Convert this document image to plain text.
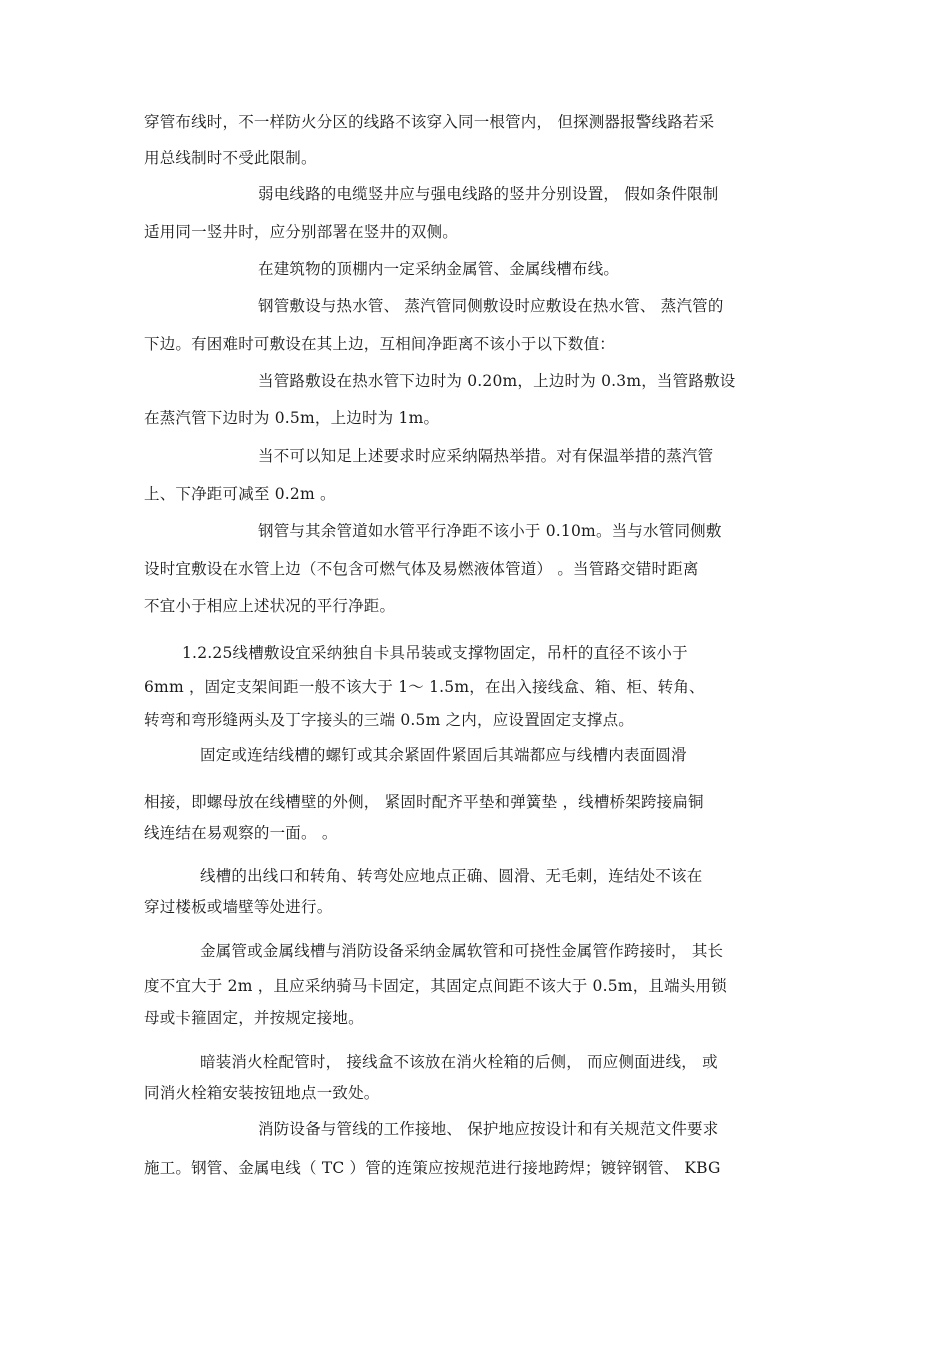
穿管布线时，不一样防火分区的线路不该穿入同一根管内， 但探测器报警线路若采
用总线制时不受此限制。
弱电线路的电缆竖井应与强电线路的竖井分别设置， 假如条件限制
适用同一竖井时，应分别部署在竖井的双侧。
在建筑物的顶棚内一定采纳金属管、金属线槽布线。
钢管敷设与热水管、 蒸汽管同侧敷设时应敷设在热水管、 蒸汽管的
下边。有困难时可敷设在其上边，互相间净距离不该小于以下数值：
当管路敷设在热水管下边时为 0.20m，上边时为 0.3m，当管路敷设
在蒸汽管下边时为 0.5m，上边时为 1m。
当不可以知足上述要求时应采纳隔热举措。对有保温举措的蒸汽管
上、下净距可减至 0.2m 。
钢管与其余管道如水管平行净距不该小于 0.10m。当与水管同侧敷
设时宜敷设在水管上边（不包含可燃气体及易燃液体管道） 。当管路交错时距离
不宜小于相应上述状况的平行净距。
1.2.25线槽敷设宜采纳独自卡具吊装或支撑物固定，吊杆的直径不该小于
6mm ，固定支架间距一般不该大于 1～ 1.5m，在出入接线盒、箱、柜、转角、
转弯和弯形缝两头及丁字接头的三端 0.5m 之内，应设置固定支撑点。
固定或连结线槽的螺钉或其余紧固件紧固后其端都应与线槽内表面圆滑
相接，即螺母放在线槽壁的外侧， 紧固时配齐平垫和弹簧垫 ，线槽桥架跨接扁铜
线连结在易观察的一面。 。
线槽的出线口和转角、转弯处应地点正确、圆滑、无毛刺，连结处不该在
穿过楼板或墙壁等处进行。
金属管或金属线槽与消防设备采纳金属软管和可挠性金属管作跨接时， 其长
度不宜大于 2m ，且应采纳骑马卡固定，其固定点间距不该大于 0.5m，且端头用锁
母或卡箍固定，并按规定接地。
暗装消火栓配管时， 接线盒不该放在消火栓箱的后侧， 而应侧面进线， 或
同消火栓箱安装按钮地点一致处。
消防设备与管线的工作接地、 保护地应按设计和有关规范文件要求
施工。钢管、金属电线（ TC ）管的连策应按规范进行接地跨焊；镀锌钢管、 KBG
